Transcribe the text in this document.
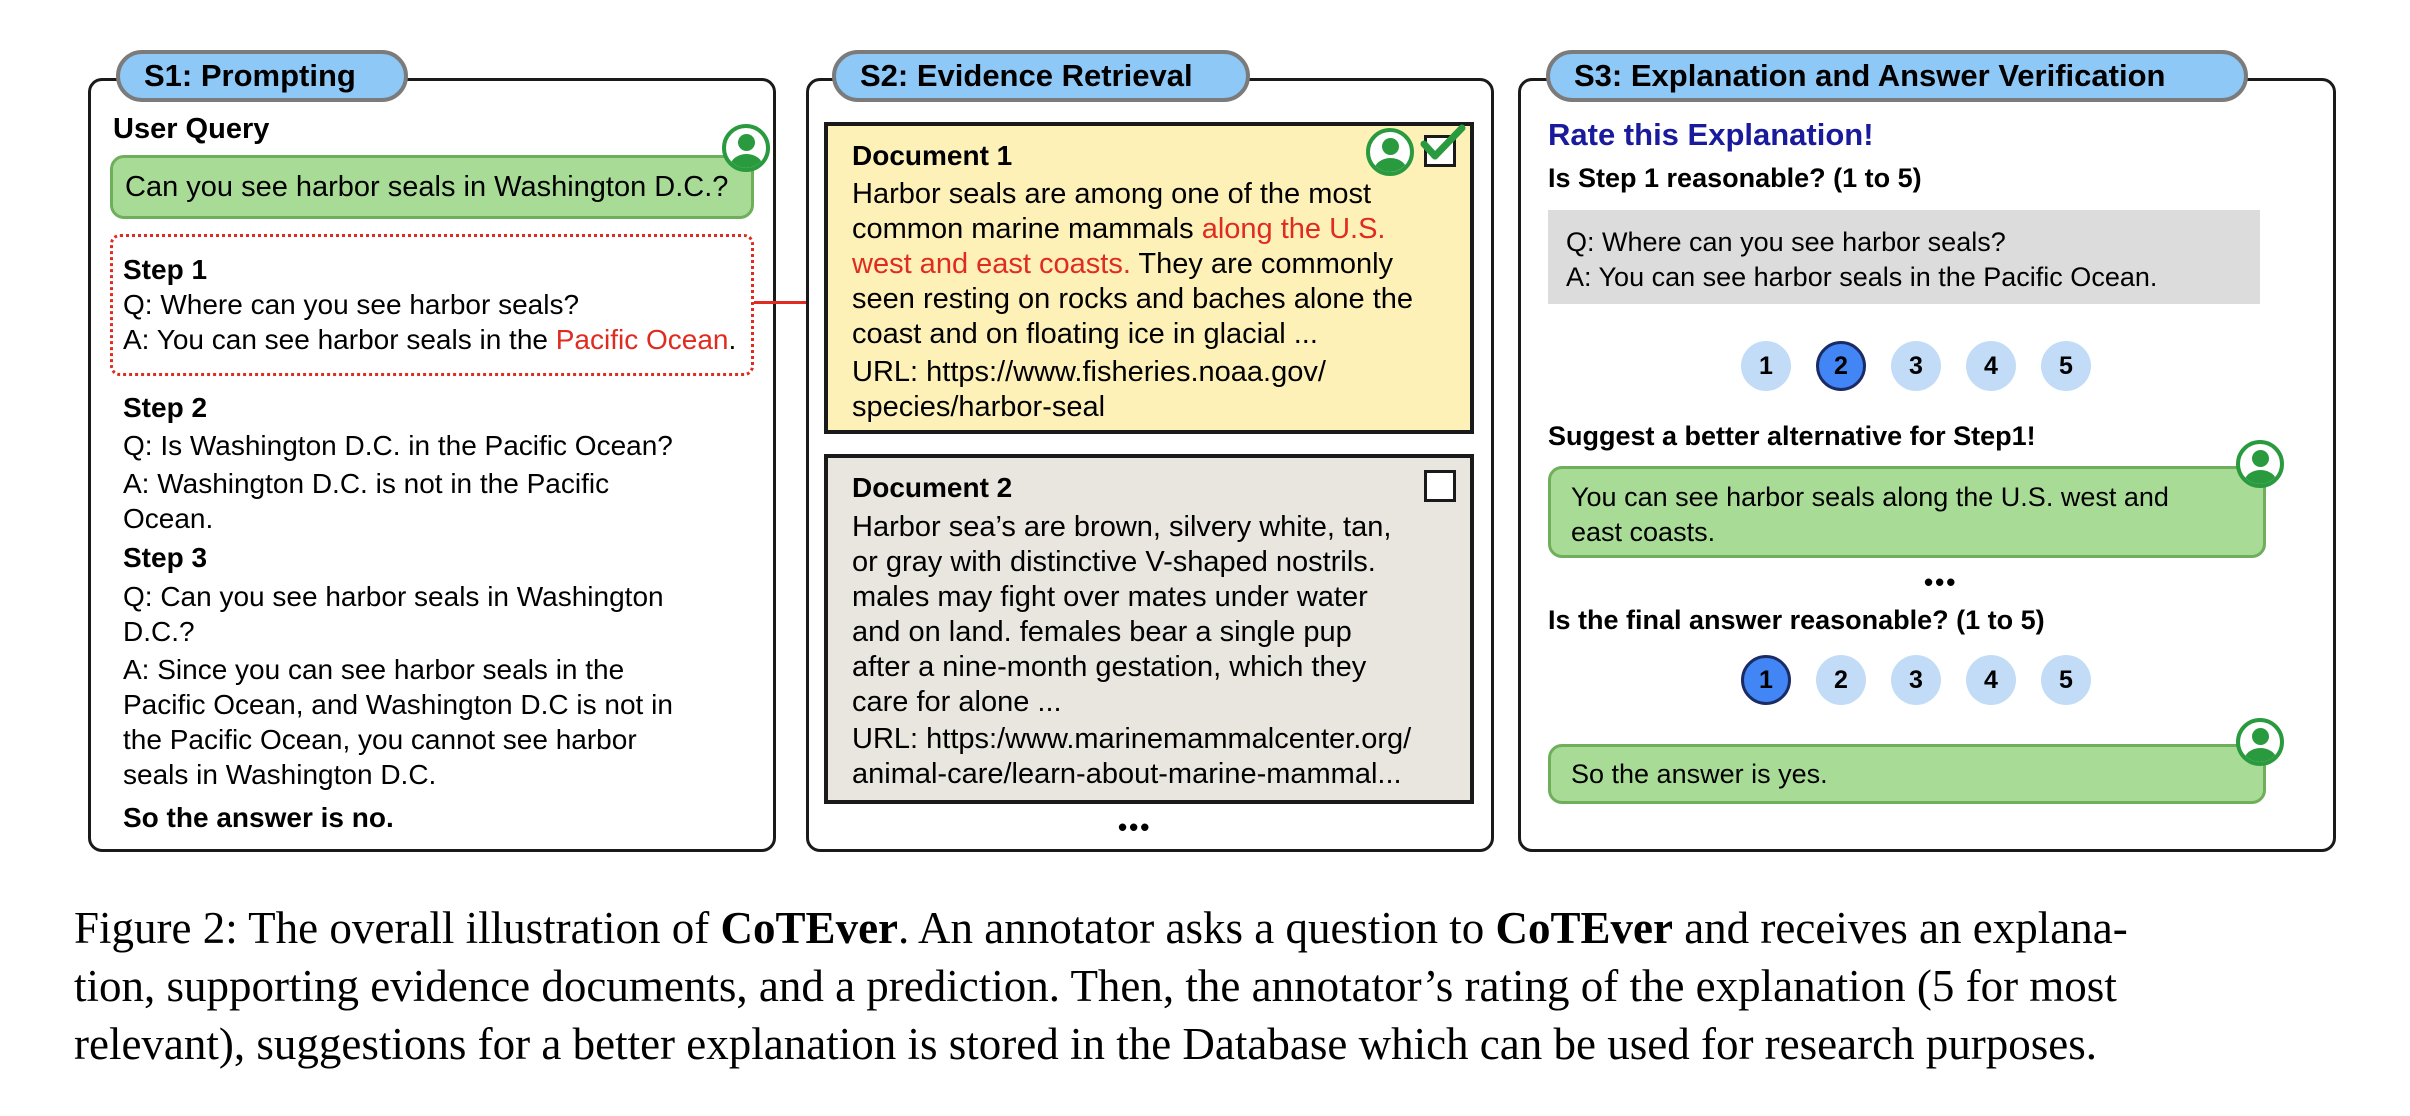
S1: Prompting
User Query
Can you see harbor seals in Washington D.C.?
Step 1
Q: Where can you see harbor seals?
A: You can see harbor seals in the Pacific Ocean.
Step 2
Q: Is Washington D.C. in the Pacific Ocean?
A: Washington D.C. is not in the Pacific
Ocean.
Step 3
Q: Can you see harbor seals in Washington
D.C.?
A: Since you can see harbor seals in the
Pacific Ocean, and Washington D.C is not in
the Pacific Ocean, you cannot see harbor
seals in Washington D.C.
So the answer is no.
S2: Evidence Retrieval
Document 1
Harbor seals are among one of the most
common marine mammals along the U.S.
west and east coasts. They are commonly
seen resting on rocks and baches alone the
coast and on floating ice in glacial ...
URL: https://www.fisheries.noaa.gov/
species/harbor-seal
Document 2
Harbor sea’s are brown, silvery white, tan,
or gray with distinctive V-shaped nostrils.
males may fight over mates under water
and on land. females bear a single pup
after a nine-month gestation, which they
care for alone ...
URL: https:/www.marinemammalcenter.org/
animal-care/learn-about-marine-mammal...
•••
S3: Explanation and Answer Verification
Rate this Explanation!
Is Step 1 reasonable? (1 to 5)
Q: Where can you see harbor seals?
A: You can see harbor seals in the Pacific Ocean.
1	2	3	4	5
Suggest a better alternative for Step1!
You can see harbor seals along the U.S. west and
east coasts.
•••
Is the final answer reasonable? (1 to 5)
1	2	3	4	5
So the answer is yes.
Figure 2: The overall illustration of CoTEver. An annotator asks a question to CoTEver and receives an explana-
tion, supporting evidence documents, and a prediction. Then, the annotator’s rating of the explanation (5 for most
relevant), suggestions for a better explanation is stored in the Database which can be used for research purposes.
